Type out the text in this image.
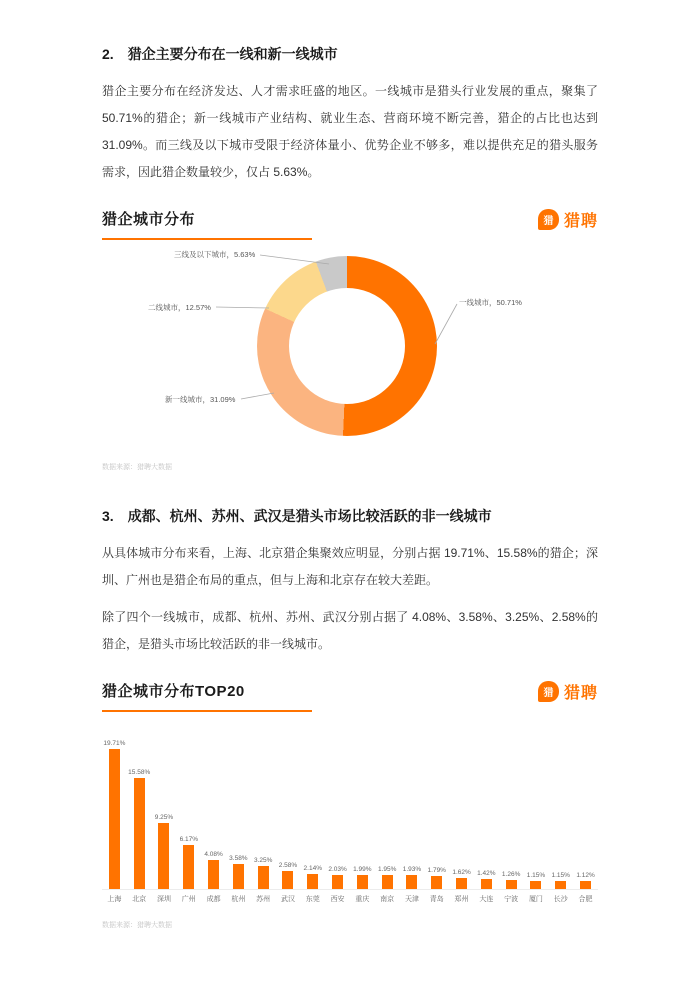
2. 猎企主要分布在一线和新一线城市

猎企主要分布在经济发达、人才需求旺盛的地区。一线城市是猎头行业发展的重点，聚集了 50.71%的猎企；新一线城市产业结构、就业生态、营商环境不断完善，猎企的占比也达到 31.09%。而三线及以下城市受限于经济体量小、优势企业不够多，难以提供充足的猎头服务需求，因此猎企数量较少，仅占 5.63%。

猎企城市分布	猎 猎聘
一线城市，50.71%
新一线城市，31.09%
二线城市，12.57%
三线及以下城市，5.63%
数据来源：猎聘大数据
3. 成都、杭州、苏州、武汉是猎头市场比较活跃的非一线城市

从具体城市分布来看，上海、北京猎企集聚效应明显，分别占据 19.71%、15.58%的猎企；深圳、广州也是猎企布局的重点，但与上海和北京存在较大差距。

除了四个一线城市，成都、杭州、苏州、武汉分别占据了 4.08%、3.58%、3.25%、2.58%的猎企，是猎头市场比较活跃的非一线城市。

猎企城市分布TOP20	猎 猎聘
19.71%
15.58%
9.25%
6.17%
4.08%
3.58% 3.25%
2.58% 2.14% 2.03% 1.99% 1.95% 1.93% 1.79% 1.62% 1.42% 1.26% 1.15% 1.15% 1.12%
上海	北京	深圳	广州	成都	杭州	苏州	武汉	东莞	西安	重庆	南京	天津	青岛	郑州	大连	宁波	厦门	长沙	合肥
数据来源：猎聘大数据
